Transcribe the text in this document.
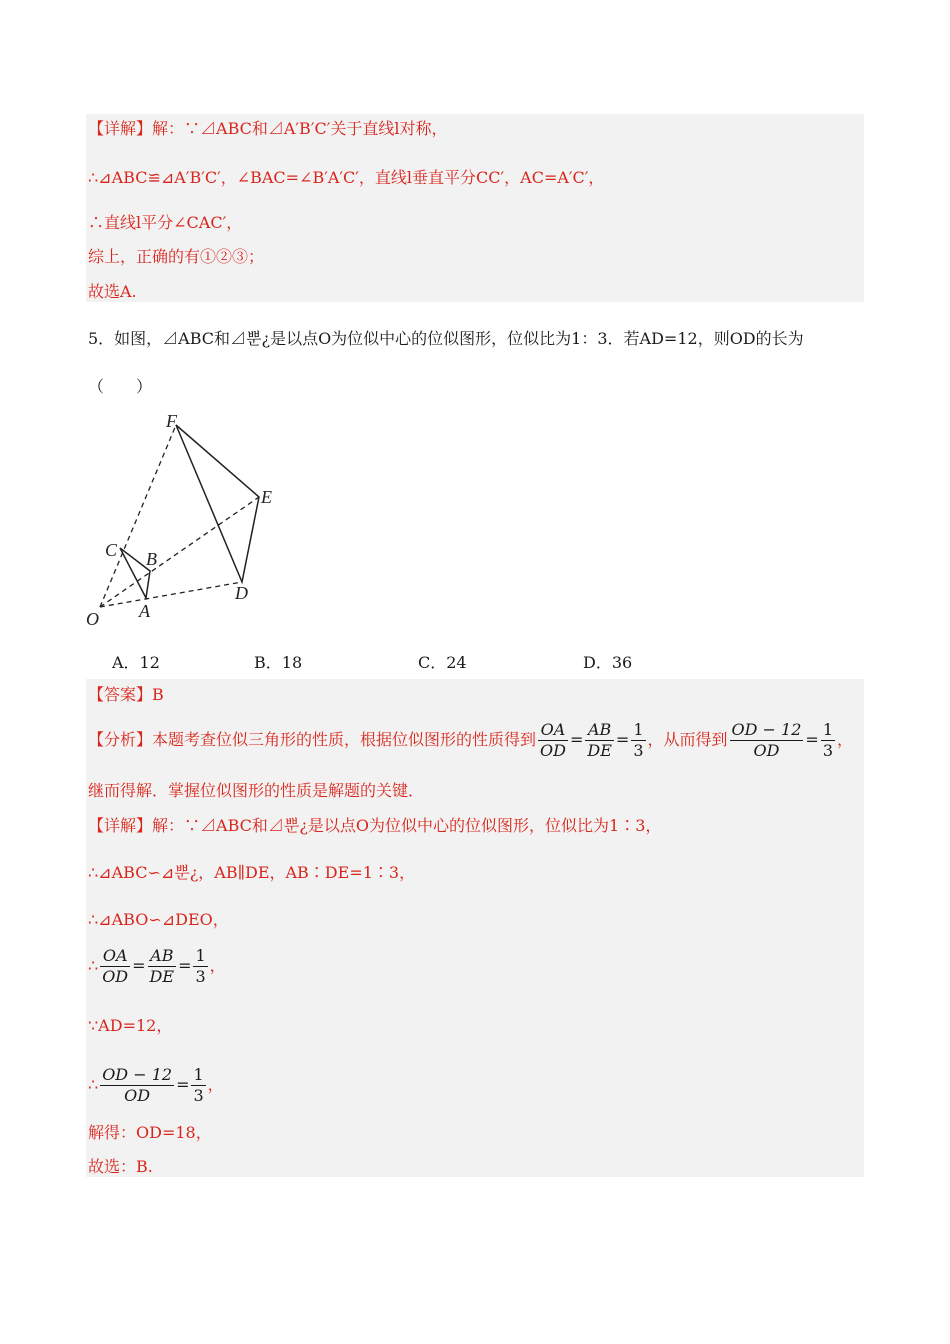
【详解】解：∵⊿ABC和⊿A′B′C′关于直线l对称，
∴⊿ABC≌⊿A′B′C′，∠BAC=∠B′A′C′，直线l垂直平分CC′，AC=A′C′，
∴直线l平分∠CAC′，
综上，正确的有①②③；
故选A.
5．如图，⊿ABC和⊿뿐¿是以点O为位似中心的位似图形，位似比为1：3．若AD=12，则OD的长为
（　　）
F
E
C B
D
A
O
A．12	B．18	C．24	D．36
【答案】B
【分析】本题考查位似三角形的性质，根据位似图形的性质得到 $\frac{OA}{OD} = \frac{AB}{DE} = \frac{1}{3}$ ，从而得到 $\frac{OD - 12}{OD} = \frac{1}{3}$ ，
继而得解．掌握位似图形的性质是解题的关键．
【详解】解：∵⊿ABC和⊿뿐¿是以点O为位似中心的位似图形，位似比为1∶3，
∴⊿ABC∽⊿뿐¿，AB∥DE，AB∶DE=1∶3，
∴⊿ABO∽⊿DEO，
∴ $\frac{OA}{OD} = \frac{AB}{DE} = \frac{1}{3}$ ，
∵AD=12，
∴ $\frac{OD - 12}{OD} = \frac{1}{3}$ ，
解得：OD=18，
故选：B.
